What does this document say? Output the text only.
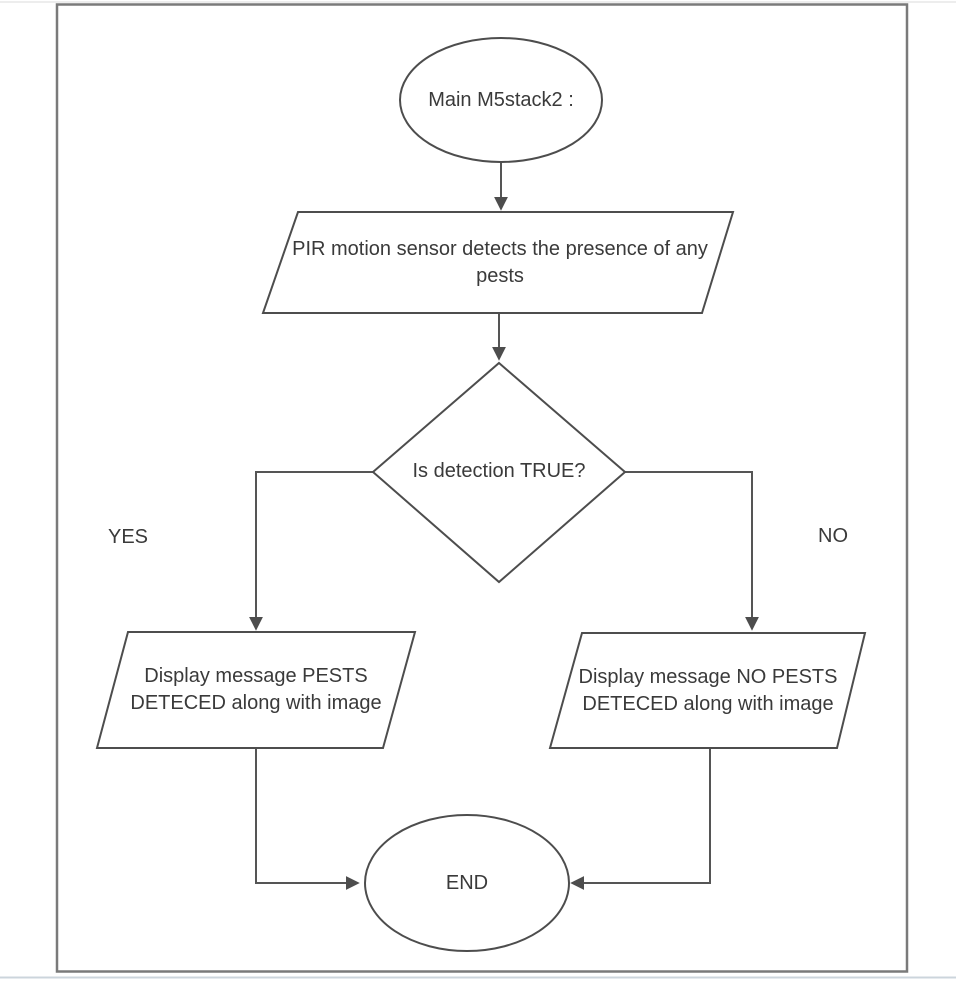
Main M5stack2 :
PIR motion sensor detects the presence of any pests
Is detection TRUE?
YES	NO
Display message PESTS DETECED along with image
Display message NO PESTS DETECED along with image
END
